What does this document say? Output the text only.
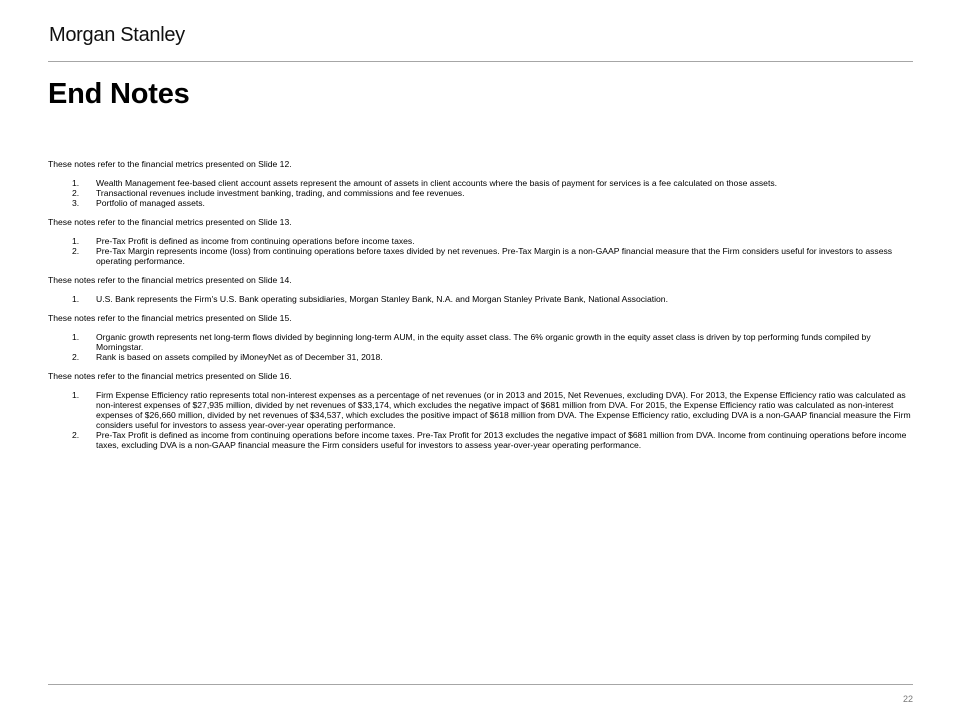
Morgan Stanley
End Notes

These notes refer to the financial metrics presented on Slide 12.

1. Wealth Management fee-based client account assets represent the amount of assets in client accounts where the basis of payment for services is a fee calculated on those assets.
2. Transactional revenues include investment banking, trading, and commissions and fee revenues.
3. Portfolio of managed assets.

These notes refer to the financial metrics presented on Slide 13.

1. Pre-Tax Profit is defined as income from continuing operations before income taxes.
2. Pre-Tax Margin represents income (loss) from continuing operations before taxes divided by net revenues. Pre-Tax Margin is a non-GAAP financial measure that the Firm considers useful for investors to assess operating performance.

These notes refer to the financial metrics presented on Slide 14.

1. U.S. Bank represents the Firm's U.S. Bank operating subsidiaries, Morgan Stanley Bank, N.A. and Morgan Stanley Private Bank, National Association.

These notes refer to the financial metrics presented on Slide 15.

1. Organic growth represents net long-term flows divided by beginning long-term AUM, in the equity asset class. The 6% organic growth in the equity asset class is driven by top performing funds compiled by Morningstar.
2. Rank is based on assets compiled by iMoneyNet as of December 31, 2018.

These notes refer to the financial metrics presented on Slide 16.

1. Firm Expense Efficiency ratio represents total non-interest expenses as a percentage of net revenues (or in 2013 and 2015, Net Revenues, excluding DVA). For 2013, the Expense Efficiency ratio was calculated as non-interest expenses of $27,935 million, divided by net revenues of $33,174, which excludes the negative impact of $681 million from DVA. For 2015, the Expense Efficiency ratio was calculated as non-interest expenses of $26,660 million, divided by net revenues of $34,537, which excludes the positive impact of $618 million from DVA. The Expense Efficiency ratio, excluding DVA is a non-GAAP financial measure the Firm considers useful for investors to assess year-over-year operating performance.
2. Pre-Tax Profit is defined as income from continuing operations before income taxes. Pre-Tax Profit for 2013 excludes the negative impact of $681 million from DVA. Income from continuing operations before income taxes, excluding DVA is a non-GAAP financial measure the Firm considers useful for investors to assess year-over-year operating performance.
22
